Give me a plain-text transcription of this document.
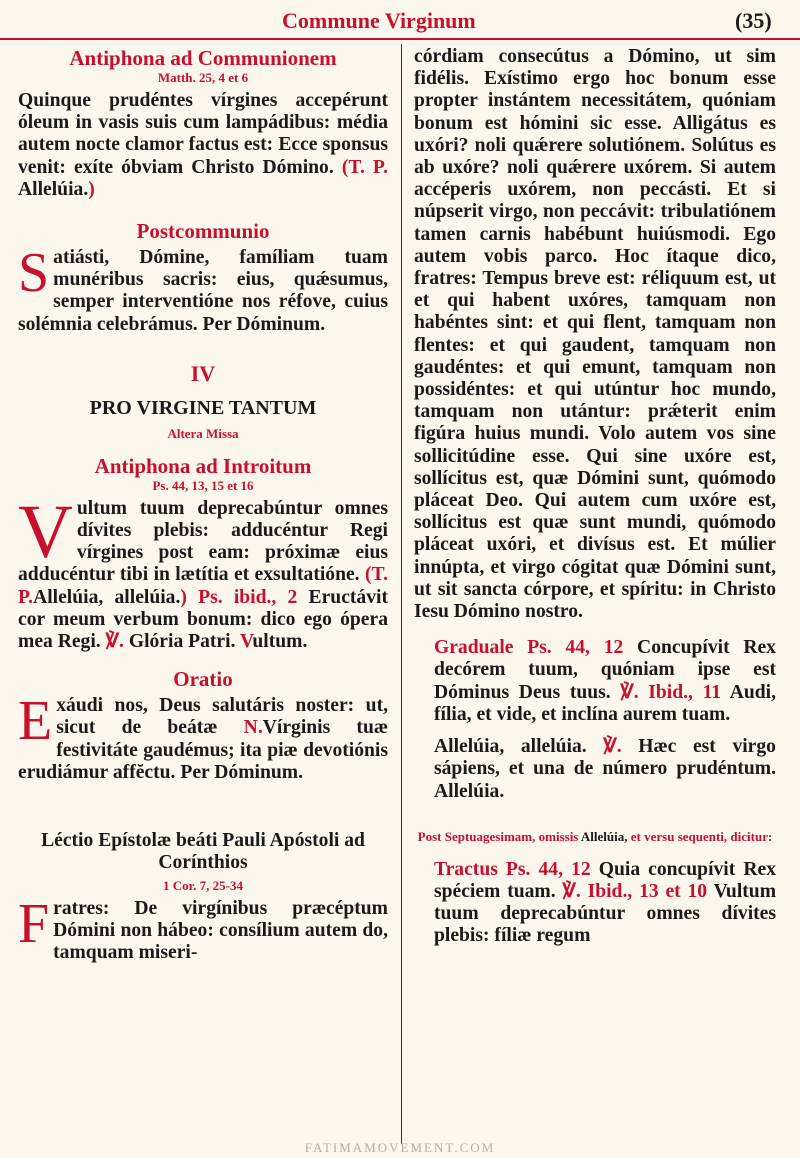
Commune Virginum	(35)
Antiphona ad Communionem
Matth. 25, 4 et 6
Quinque prudéntes vírgines accepérunt óleum in vasis suis cum lampádibus: média autem nocte clamor factus est: Ecce sponsus venit: exíte óbviam Christo Dómino. (T. P. Allelúia.)
Postcommunio
S atiásti, Dómine, famíliam tuam munéribus sacris: eius, quǽsumus, semper interventióne nos réfove, cuius solémnia celebrámus. Per Dóminum.
IV
PRO VIRGINE TANTUM
Altera Missa
Antiphona ad Introitum
Ps. 44, 13, 15 et 16
V ultum tuum deprecabúntur omnes dívites plebis: adducéntur Regi vírgines post eam: próximæ eius adducéntur tibi in lætítia et exsultatióne. (T. P.Allelúia, allelúia.) Ps. ibid., 2 Eructávit cor meum verbum bonum: dico ego ópera mea Regi. ℣. Glória Patri. Vultum.
Oratio
E xáudi nos, Deus salutáris noster: ut, sicut de beátæ N.Vírginis tuæ festivitáte gaudémus; ita piæ devotiónis erudiámur affĕctu. Per Dóminum.
Léctio Epístolæ beáti Pauli Apóstoli ad Corínthios
1 Cor. 7, 25-34
F ratres: De virgínibus præcéptum Dómini non hábeo: consílium autem do, tamquam miseri-
córdiam consecútus a Dómino, ut sim fidélis. Exístimo ergo hoc bonum esse propter instántem necessitátem, quóniam bonum est hómini sic esse. Alligátus es uxóri? noli quǽrere solutiónem. Solútus es ab uxóre? noli quǽrere uxórem. Si autem accéperis uxórem, non peccásti. Et si núpserit virgo, non peccávit: tribulatiónem tamen carnis habébunt huiúsmodi. Ego autem vobis parco. Hoc ítaque dico, fratres: Tempus breve est: réliquum est, ut et qui habent uxóres, tamquam non habéntes sint: et qui flent, tamquam non flentes: et qui gaudent, tamquam non gaudéntes: et qui emunt, tamquam non possidéntes: et qui utúntur hoc mundo, tamquam non utántur: prǽterit enim figúra huius mundi. Volo autem vos sine sollicitúdine esse. Qui sine uxóre est, sollícitus est, quæ Dómini sunt, quómodo pláceat Deo. Qui autem cum uxóre est, sollícitus est quæ sunt mundi, quómodo pláceat uxóri, et divísus est. Et múlier innúpta, et virgo cógitat quæ Dómini sunt, ut sit sancta córpore, et spíritu: in Christo Iesu Dómino nostro.
Graduale Ps. 44, 12 Concupívit Rex decórem tuum, quóniam ipse est Dóminus Deus tuus. ℣. Ibid., 11 Audi, fília, et vide, et inclína aurem tuam.
Allelúia, allelúia. ℣. Hæc est virgo sápiens, et una de número prudéntum. Allelúia.
Post Septuagesimam, omissis Allelúia, et versu sequenti, dicitur:
Tractus Ps. 44, 12 Quia concupívit Rex spéciem tuam. ℣. Ibid., 13 et 10 Vultum tuum deprecabúntur omnes dívites plebis: fíliæ regum
FATIMAMOVEMENT.COM
